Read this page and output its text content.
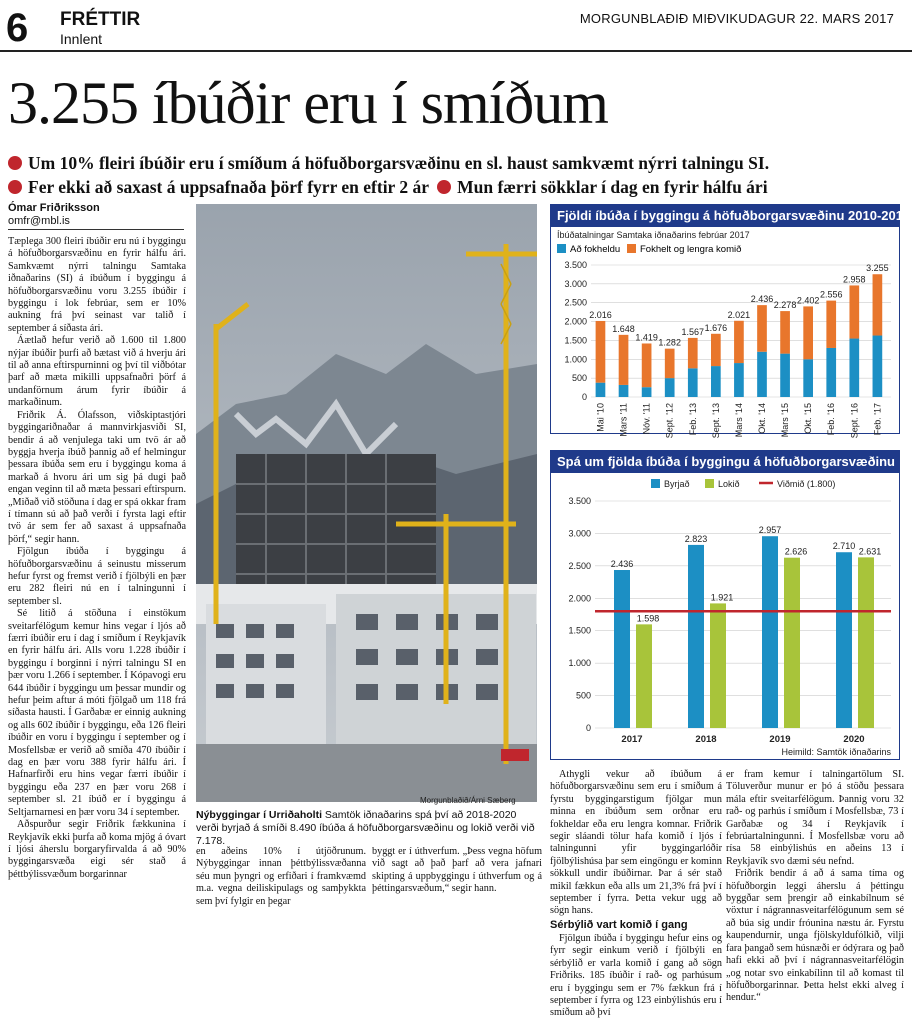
6 FRÉTTIR
Innlent
MORGUNBLAÐIÐ MIÐVIKUDAGUR 22. MARS 2017
3.255 íbúðir eru í smíðum
Um 10% fleiri íbúðir eru í smíðum á höfuðborgarsvæðinu en sl. haust samkvæmt nýrri talningu SI.
Fer ekki að saxast á uppsafnaða þörf fyrr en eftir 2 ár Mun færri sökklar í dag en fyrir hálfu ári
Ómar Friðriksson
omfr@mbl.is

Tæplega 300 fleiri íbúðir eru nú í byggingu á höfuðborgarsvæðinu en fyrir hálfu ári. Samkvæmt nýrri talningu Samtaka iðnaðarins (SI) á íbúðum í byggingu á höfuðborgarsvæðinu voru 3.255 íbúðir í byggingu í lok febrúar, sem er 10% aukning frá því seinast var talið í september á síðasta ári.

Áætlað hefur verið að 1.600 til 1.800 nýjar íbúðir þurfi að bætast við á hverju ári til að anna eftirspurninni og því til viðbótar þarf að mæta mikilli uppsafnaðri þörf á undanförnum árum fyrir íbúðir á markaðinum.

Friðrik Á. Ólafsson, viðskiptastjóri byggingariðnaðar á mannvirkjasviði SI, bendir á að venjulega taki um tvö ár að byggja hverja íbúð þannig að ef helmingur þessara íbúða sem eru í byggingu koma á markað á hvoru ári um sig þá dugi það engan veginn til að mæta þessari eftirspurn. „Miðað við stöðuna í dag er spá okkar fram í tímann sú að það verði í fyrsta lagi eftir tvö ár sem fer að saxast á uppsafnaða þörf,“ segir hann.

Fjölgun íbúða í byggingu á höfuðborgarsvæðinu á seinustu misserum hefur fyrst og fremst verið í fjölbýli en þær eru 282 fleiri nú en í talningunni í september sl.

Sé litið á stöðuna í einstökum sveitarfélögum kemur hins vegar í ljós að færri íbúðir eru í dag í smíðum í Reykjavík en fyrir hálfu ári. Alls voru 1.228 íbúðir í byggingu í borginni í nýrri talningu SI en þær voru 1.266 í september. Í Kópavogi eru 644 íbúðir í byggingu um þessar mundir og hefur þeim aftur á móti fjölgað um 118 frá síðasta hausti. Í Garðabæ er einnig aukning og alls 602 íbúðir í byggingu, eða 126 fleiri íbúðir en voru í byggingu í september og í Mosfellsbæ er verið að smíða 470 íbúðir í dag en þær voru 388 fyrir hálfu ári. Í Hafnarfirði eru hins vegar færri íbúðir í byggingu eða 237 en þær voru 268 í september sl. 21 íbúð er í byggingu á Seltjarnarnesi en þær voru 34 í september.

Aðspurður segir Friðrik fækkunina í Reykjavík ekki þurfa að koma mjög á óvart í ljósi áherslu borgaryfirvalda á að 90% byggingarsvæða eigi sér stað á þéttbýlissvæðum borgarinnar

Morgunblaðið/Árni Sæberg
Nýbyggingar í Urriðaholti Samtök iðnaðarins spá því að 2018-2020 verði byrjað á smíði 8.490 íbúða á höfuðborgarsvæðinu og lokið verði við 7.178.

en aðeins 10% í útjöðrunum. Nýbyggingar innan þéttbýlissvæðanna séu mun þyngri og erfiðari í framkvæmd m.a. vegna deiliskipulags og samþykkta sem því fylgir en þegar

byggt er í úthverfum. „Þess vegna höfum við sagt að það þarf að vera jafnari skipting á uppbyggingu í úthverfum og á þéttingarsvæðum,“ segir hann.

Athygli vekur að íbúðum á höfuðborgarsvæðinu sem eru í smíðum á fyrstu byggingarstigum fjölgar mun minna en íbúðum sem orðnar eru fokheldar eða eru lengra komnar. Friðrik segir sláandi tölur hafa komið í ljós í talningunni yfir byggingarlóðir fjölbýlishúsa þar sem eingöngu er kominn sökkull undir íbúðirnar. Þar á sér stað mikil fækkun eða alls um 21,3% frá því í september í fyrra. Þetta vekur ugg að sögn hans.

Sérbýlið vart komið í gang

Fjölgun íbúða í byggingu hefur eins og fyrr segir einkum verið í fjölbýli en sérbýlið er varla komið í gang að sögn Friðriks. 185 íbúðir í rað- og parhúsum eru í byggingu sem er 7% fækkun frá í september í fyrra og 123 einbýlishús eru í smíðum að því

er fram kemur í talningartölum SI. Töluverður munur er þó á stöðu þessara mála eftir sveitarfélögum. Þannig voru 32 rað- og parhús í smíðum í Mosfellsbæ, 73 í Garðabæ og 34 í Reykjavík í febrúartalningunni. Í Mosfellsbæ voru að rísa 58 einbýlishús en aðeins 13 í Reykjavík svo dæmi séu nefnd.

Friðrik bendir á að á sama tíma og höfuðborgin leggi áherslu á þéttingu byggðar sem þrengir að einkabílnum sé vöxtur í nágrannasveitarfélögunum sem sé að búa sig undir fróunina næstu ár. Fyrstu kaupendurnir, unga fjölskyldufólkið, vilji fara þangað sem húsnæði er ódýrara og það hafi ekki að því í nágrannasveitarfélögin „og notar svo einkabílinn til að komast til höfuðborgarinnar. Þetta helst ekki alveg í hendur.“

Fjöldi íbúða í byggingu á höfuðborgarsvæðinu 2010-2017
Íbúðatalningar Samtaka iðnaðarins febrúar 2017
Að fokheldu Fokhelt og lengra komið
0
500
1.000
1.500
2.000
2.500
3.000
3.500
2.016
Mai '10
1.648
Mars '11
1.419
Nóv. '11
1.282
Sept. '12
1.567
Feb. '13
1.676
Sept. '13
2.021
Mars '14
2.436
Okt. '14
2.278
Mars '15
2.402
Okt. '15
2.556
Feb. '16
2.958
Sept. '16
3.255
Feb. '17
Spá um fjölda íbúða í byggingu á höfuðborgarsvæðinu
Byrjað	Lokið	Viðmið (1.800)
0
500
1.000
1.500
2.000
2.500
3.000
3.500
2.436
1.598
2017
2.823
1.921
2018
2.957
2.626
2019
2.710
2.631
2020
Heimild: Samtök iðnaðarins
